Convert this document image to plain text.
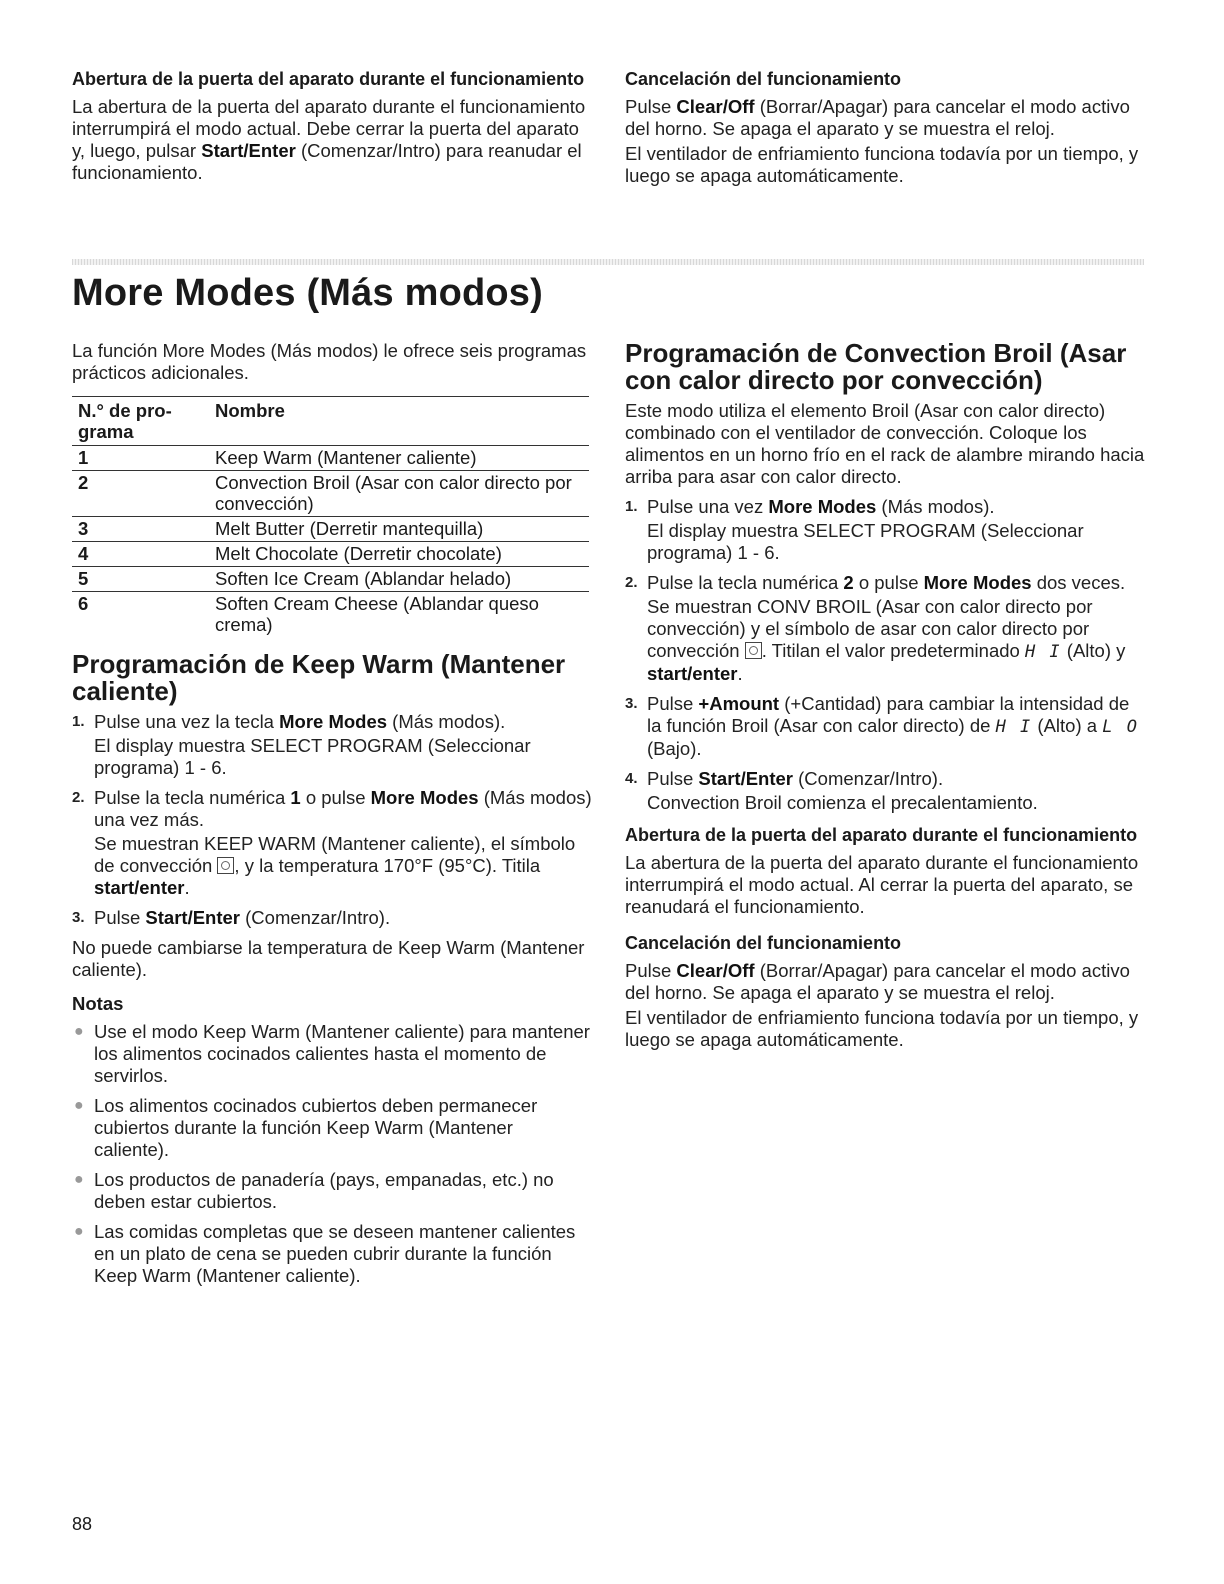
Abertura de la puerta del aparato durante el funcionamiento

La abertura de la puerta del aparato durante el funcionamiento interrumpirá el modo actual. Debe cerrar la puerta del aparato y, luego, pulsar Start/Enter (Comenzar/Intro) para reanudar el funcionamiento.

Cancelación del funcionamiento

Pulse Clear/Off (Borrar/Apagar) para cancelar el modo activo del horno. Se apaga el aparato y se muestra el reloj.

El ventilador de enfriamiento funciona todavía por un tiempo, y luego se apaga automáticamente.

More Modes (Más modos)

La función More Modes (Más modos) le ofrece seis programas prácticos adicionales.

N.° de pro- grama	Nombre
1	Keep Warm (Mantener caliente)
2	Convection Broil (Asar con calor directo por convección)
3	Melt Butter (Derretir mantequilla)
4	Melt Chocolate (Derretir chocolate)
5	Soften Ice Cream (Ablandar helado)
6	Soften Cream Cheese (Ablandar queso crema)
Programación de Keep Warm (Mantener caliente)
1. Pulse una vez la tecla More Modes (Más modos).
El display muestra SELECT PROGRAM (Seleccionar programa) 1 - 6.
2. Pulse la tecla numérica 1 o pulse More Modes (Más modos) una vez más.
Se muestran KEEP WARM (Mantener caliente), el símbolo de convección , y la temperatura 170°F (95°C). Titila start/enter.
3. Pulse Start/Enter (Comenzar/Intro).

No puede cambiarse la temperatura de Keep Warm (Mantener caliente).

Notas
● Use el modo Keep Warm (Mantener caliente) para mantener los alimentos cocinados calientes hasta el momento de servirlos.
● Los alimentos cocinados cubiertos deben permanecer cubiertos durante la función Keep Warm (Mantener caliente).
● Los productos de panadería (pays, empanadas, etc.) no deben estar cubiertos.
● Las comidas completas que se deseen mantener calientes en un plato de cena se pueden cubrir durante la función Keep Warm (Mantener caliente).
Programación de Convection Broil (Asar con calor directo por convección)

Este modo utiliza el elemento Broil (Asar con calor directo) combinado con el ventilador de convección. Coloque los alimentos en un horno frío en el rack de alambre mirando hacia arriba para asar con calor directo.

1. Pulse una vez More Modes (Más modos).
El display muestra SELECT PROGRAM (Seleccionar programa) 1 - 6.
2. Pulse la tecla numérica 2 o pulse More Modes dos veces.
Se muestran CONV BROIL (Asar con calor directo por convección) y el símbolo de asar con calor directo por convección . Titilan el valor predeterminado H I (Alto) y start/enter.
3. Pulse +Amount (+Cantidad) para cambiar la intensidad de la función Broil (Asar con calor directo) de H I (Alto) a L O (Bajo).
4. Pulse Start/Enter (Comenzar/Intro).
Convection Broil comienza el precalentamiento.
Abertura de la puerta del aparato durante el funcionamiento

La abertura de la puerta del aparato durante el funcionamiento interrumpirá el modo actual. Al cerrar la puerta del aparato, se reanudará el funcionamiento.

Cancelación del funcionamiento

Pulse Clear/Off (Borrar/Apagar) para cancelar el modo activo del horno. Se apaga el aparato y se muestra el reloj.

El ventilador de enfriamiento funciona todavía por un tiempo, y luego se apaga automáticamente.

88
